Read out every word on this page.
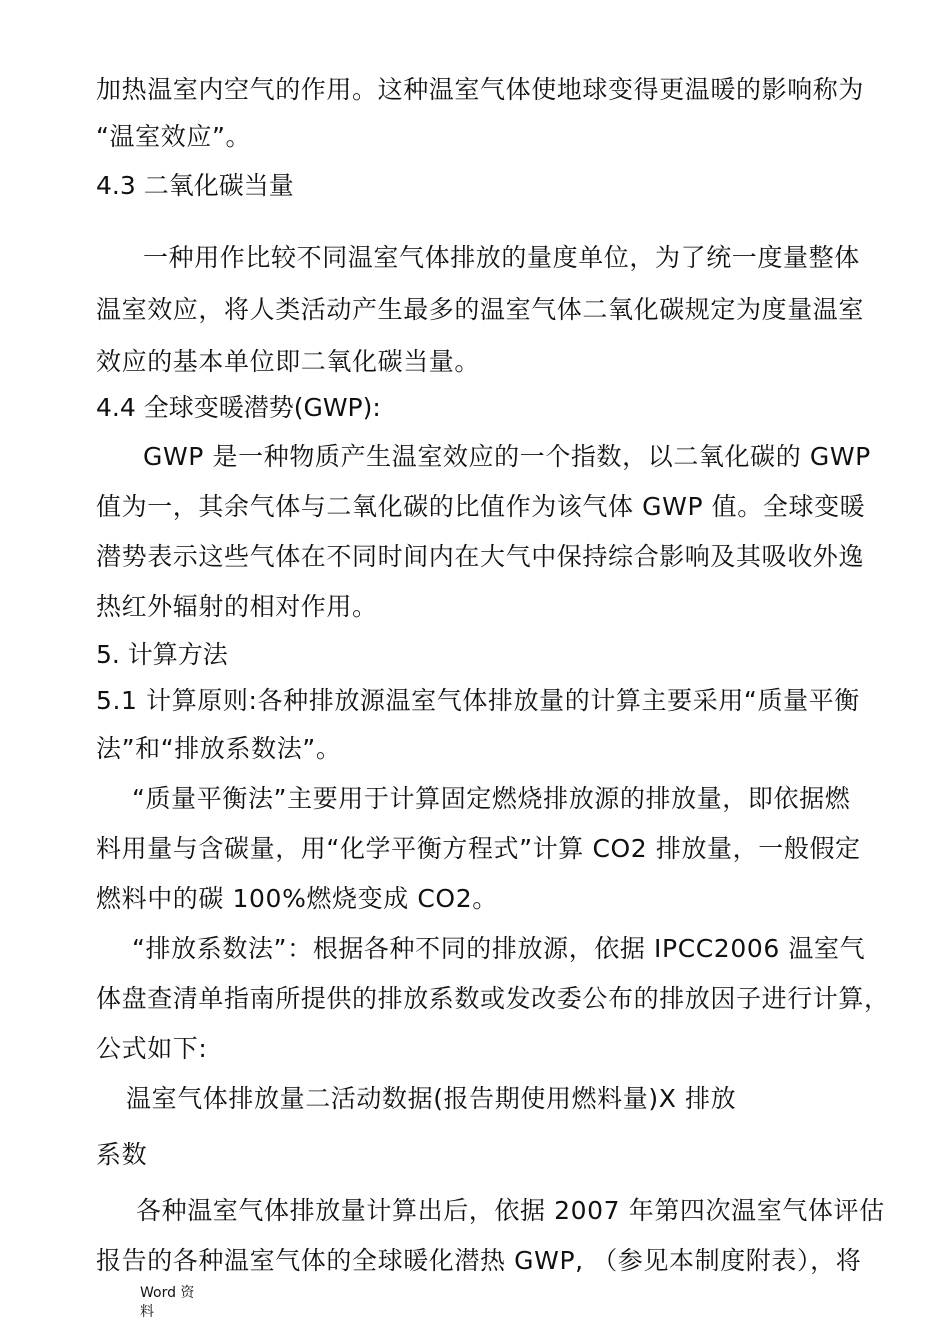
加热温室内空气的作用。这种温室气体使地球变得更温暖的影响称为
“温室效应”。
4.3 二氧化碳当量
一种用作比较不同温室气体排放的量度单位，为了统一度量整体
温室效应，将人类活动产生最多的温室气体二氧化碳规定为度量温室
效应的基本单位即二氧化碳当量。
4.4 全球变暖潜势(GWP):
GWP 是一种物质产生温室效应的一个指数，以二氧化碳的 GWP
值为一，其余气体与二氧化碳的比值作为该气体 GWP 值。全球变暖
潜势表示这些气体在不同时间内在大气中保持综合影响及其吸收外逸
热红外辐射的相对作用。
5. 计算方法
5.1 计算原则:各种排放源温室气体排放量的计算主要采用“质量平衡
法”和“排放系数法”。
“质量平衡法”主要用于计算固定燃烧排放源的排放量，即依据燃
料用量与含碳量，用“化学平衡方程式”计算 CO2 排放量，一般假定
燃料中的碳 100%燃烧变成 CO2。
“排放系数法”：根据各种不同的排放源，依据 IPCC2006 温室气
体盘查清单指南所提供的排放系数或发改委公布的排放因子进行计算，
公式如下:
温室气体排放量二活动数据(报告期使用燃料量)X 排放
系数
各种温室气体排放量计算出后，依据 2007 年第四次温室气体评估
报告的各种温室气体的全球暖化潜热 GWP, （参见本制度附表），将
Word 资
料
